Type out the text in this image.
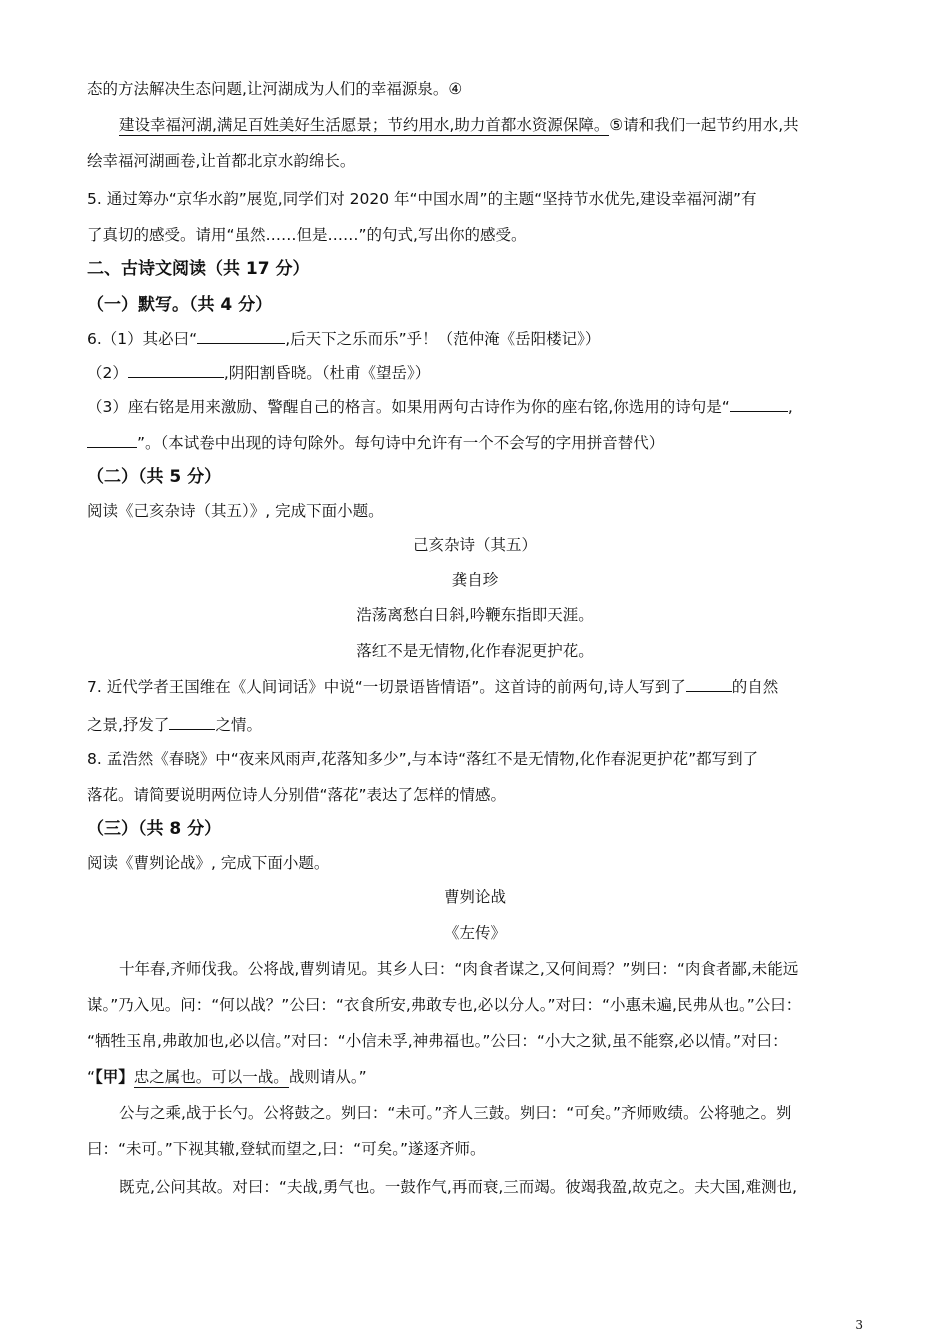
态的方法解决生态问题,让河湖成为人们的幸福源泉。④
建设幸福河湖,满足百姓美好生活愿景；节约用水,助力首都水资源保障。⑤请和我们一起节约用水,共
绘幸福河湖画卷,让首都北京水韵绵长。
5. 通过筹办“京华水韵”展览,同学们对 2020 年“中国水周”的主题“坚持节水优先,建设幸福河湖”有
了真切的感受。请用“虽然……但是……”的句式,写出你的感受。
二、古诗文阅读（共 17 分）
（一）默写。（共 4 分）
6.（1）其必曰“	,后天下之乐而乐”乎！（范仲淹《岳阳楼记》）
（2）	,阴阳割昏晓。（杜甫《望岳》）
（3）座右铭是用来激励、警醒自己的格言。如果用两句古诗作为你的座右铭,你选用的诗句是“	,
”。（本试卷中出现的诗句除外。每句诗中允许有一个不会写的字用拼音替代）
（二）（共 5 分）
阅读《己亥杂诗（其五）》, 完成下面小题。
己亥杂诗（其五）
龚自珍
浩荡离愁白日斜,吟鞭东指即天涯。
落红不是无情物,化作春泥更护花。
7. 近代学者王国维在《人间词话》中说“一切景语皆情语”。这首诗的前两句,诗人写到了	的自然
之景,抒发了	之情。
8. 孟浩然《春晓》中“夜来风雨声,花落知多少”,与本诗“落红不是无情物,化作春泥更护花”都写到了
落花。请简要说明两位诗人分别借“落花”表达了怎样的情感。
（三）（共 8 分）
阅读《曹刿论战》, 完成下面小题。
曹刿论战
《左传》
十年春,齐师伐我。公将战,曹刿请见。其乡人曰：“肉食者谋之,又何间焉？”刿曰：“肉食者鄙,未能远
谋。”乃入见。问：“何以战？”公曰：“衣食所安,弗敢专也,必以分人。”对曰：“小惠未遍,民弗从也。”公曰：
“牺牲玉帛,弗敢加也,必以信。”对曰：“小信未孚,神弗福也。”公曰：“小大之狱,虽不能察,必以情。”对曰：
“【甲】忠之属也。可以一战。战则请从。”
公与之乘,战于长勺。公将鼓之。刿曰：“未可。”齐人三鼓。刿曰：“可矣。”齐师败绩。公将驰之。刿
曰：“未可。”下视其辙,登轼而望之,曰：“可矣。”遂逐齐师。
既克,公问其故。对曰：“夫战,勇气也。一鼓作气,再而衰,三而竭。彼竭我盈,故克之。夫大国,难测也,
3
